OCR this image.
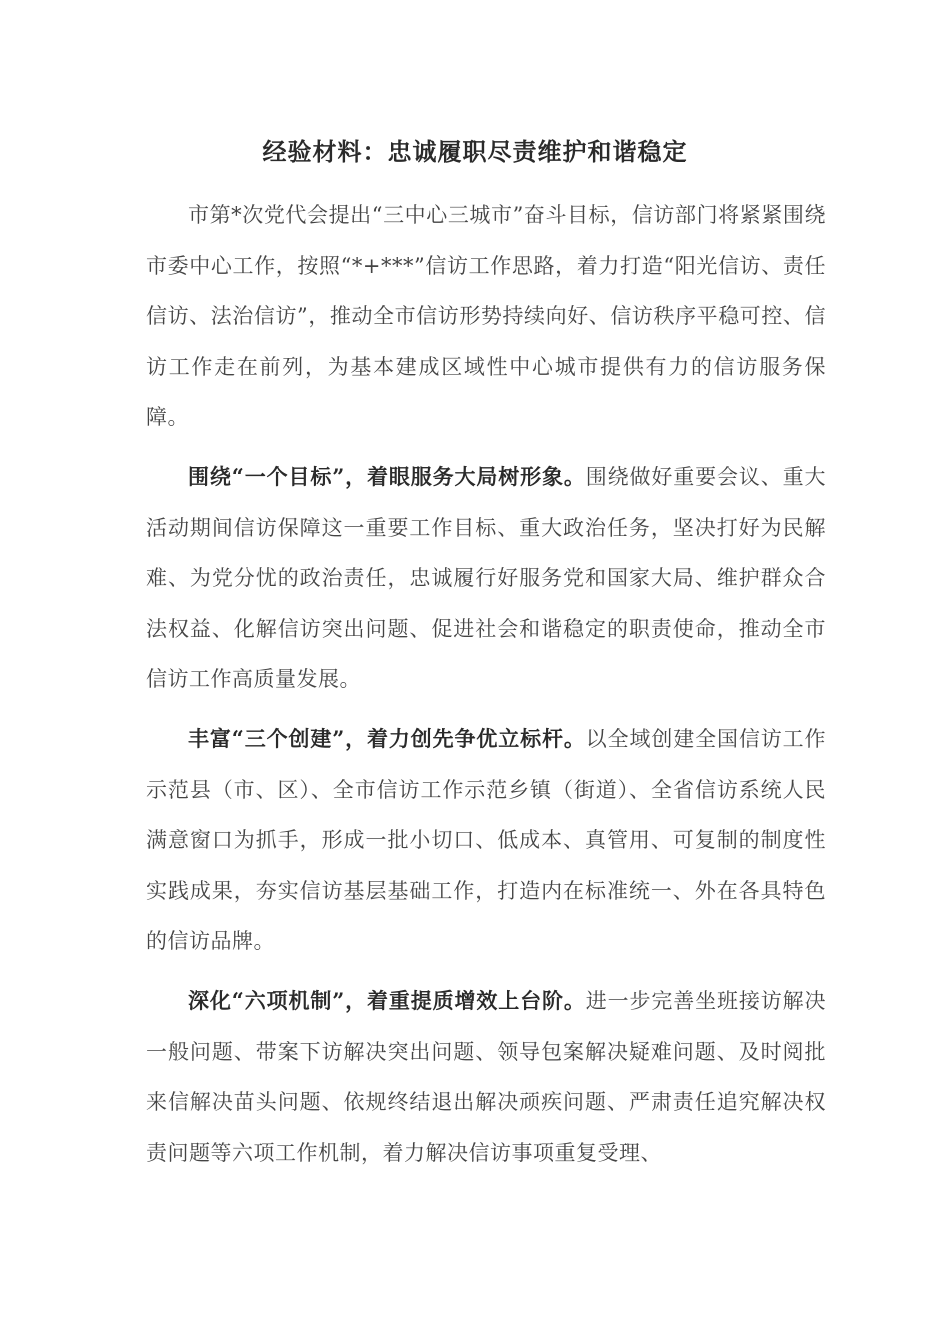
经验材料：忠诚履职尽责维护和谐稳定

市第*次党代会提出“三中心三城市”奋斗目标，信访部门将紧紧围绕市委中心工作，按照“*+***”信访工作思路，着力打造“阳光信访、责任信访、法治信访”，推动全市信访形势持续向好、信访秩序平稳可控、信访工作走在前列，为基本建成区域性中心城市提供有力的信访服务保障。

围绕“一个目标”，着眼服务大局树形象。围绕做好重要会议、重大活动期间信访保障这一重要工作目标、重大政治任务，坚决打好为民解难、为党分忧的政治责任，忠诚履行好服务党和国家大局、维护群众合法权益、化解信访突出问题、促进社会和谐稳定的职责使命，推动全市信访工作高质量发展。

丰富“三个创建”，着力创先争优立标杆。以全域创建全国信访工作示范县（市、区）、全市信访工作示范乡镇（街道）、全省信访系统人民满意窗口为抓手，形成一批小切口、低成本、真管用、可复制的制度性实践成果，夯实信访基层基础工作，打造内在标准统一、外在各具特色的信访品牌。

深化“六项机制”，着重提质增效上台阶。进一步完善坐班接访解决一般问题、带案下访解决突出问题、领导包案解决疑难问题、及时阅批来信解决苗头问题、依规终结退出解决顽疾问题、严肃责任追究解决权责问题等六项工作机制，着力解决信访事项重复受理、
